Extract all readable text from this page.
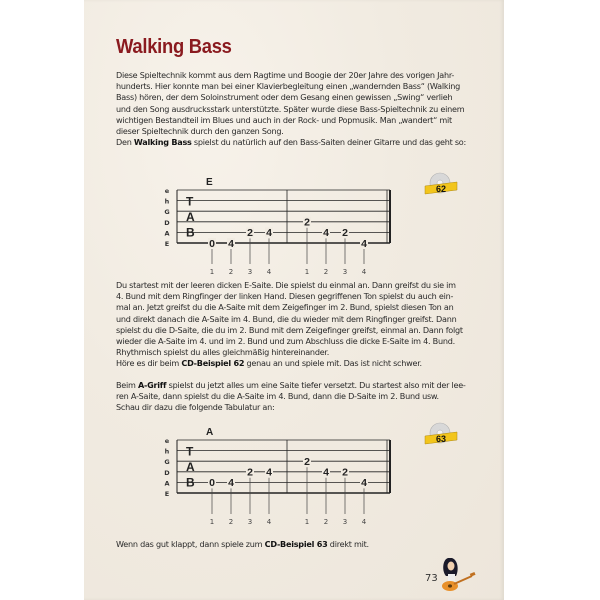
Walking Bass
Diese Spieltechnik kommt aus dem Ragtime und Boogie der 20er Jahre des vorigen Jahr-
hunderts. Hier konnte man bei einer Klavierbegleitung einen „wandernden Bass“ (Walking
Bass) hören, der dem Soloinstrument oder dem Gesang einen gewissen „Swing“ verlieh
und den Song ausdrucksstark unterstützte. Später wurde diese Bass-Spieltechnik zu einem
wichtigen Bestandteil im Blues und auch in der Rock- und Popmusik. Man „wandert“ mit
dieser Spieltechnik durch den ganzen Song.
Den Walking Bass spielst du natürlich auf den Bass-Saiten deiner Gitarre und das geht so:
E
e
h
G
D
A
E
T
A
B
0
1
4
2
2
3
4
4
2
1
4
2
2
3
4
4
62
Du startest mit der leeren dicken E-Saite. Die spielst du einmal an. Dann greifst du sie im
4. Bund mit dem Ringfinger der linken Hand. Diesen gegriffenen Ton spielst du auch ein-
mal an. Jetzt greifst du die A-Saite mit dem Zeigefinger im 2. Bund, spielst diesen Ton an
und direkt danach die A-Saite im 4. Bund, die du wieder mit dem Ringfinger greifst. Dann
spielst du die D-Saite, die du im 2. Bund mit dem Zeigefinger greifst, einmal an. Dann folgt
wieder die A-Saite im 4. und im 2. Bund und zum Abschluss die dicke E-Saite im 4. Bund.
Rhythmisch spielst du alles gleichmäßig hintereinander.
Höre es dir beim CD-Beispiel 62 genau an und spiele mit. Das ist nicht schwer.
Beim A-Griff spielst du jetzt alles um eine Saite tiefer versetzt. Du startest also mit der lee-
ren A-Saite, dann spielst du die A-Saite im 4. Bund, dann die D-Saite im 2. Bund usw.
Schau dir dazu die folgende Tabulatur an:
A
e
h
G
D
A
E
T
A
B 0
1
4
2
2
3
4
4
2
1
4
2
2
3
4
4
63
Wenn das gut klappt, dann spiele zum CD-Beispiel 63 direkt mit.
73
